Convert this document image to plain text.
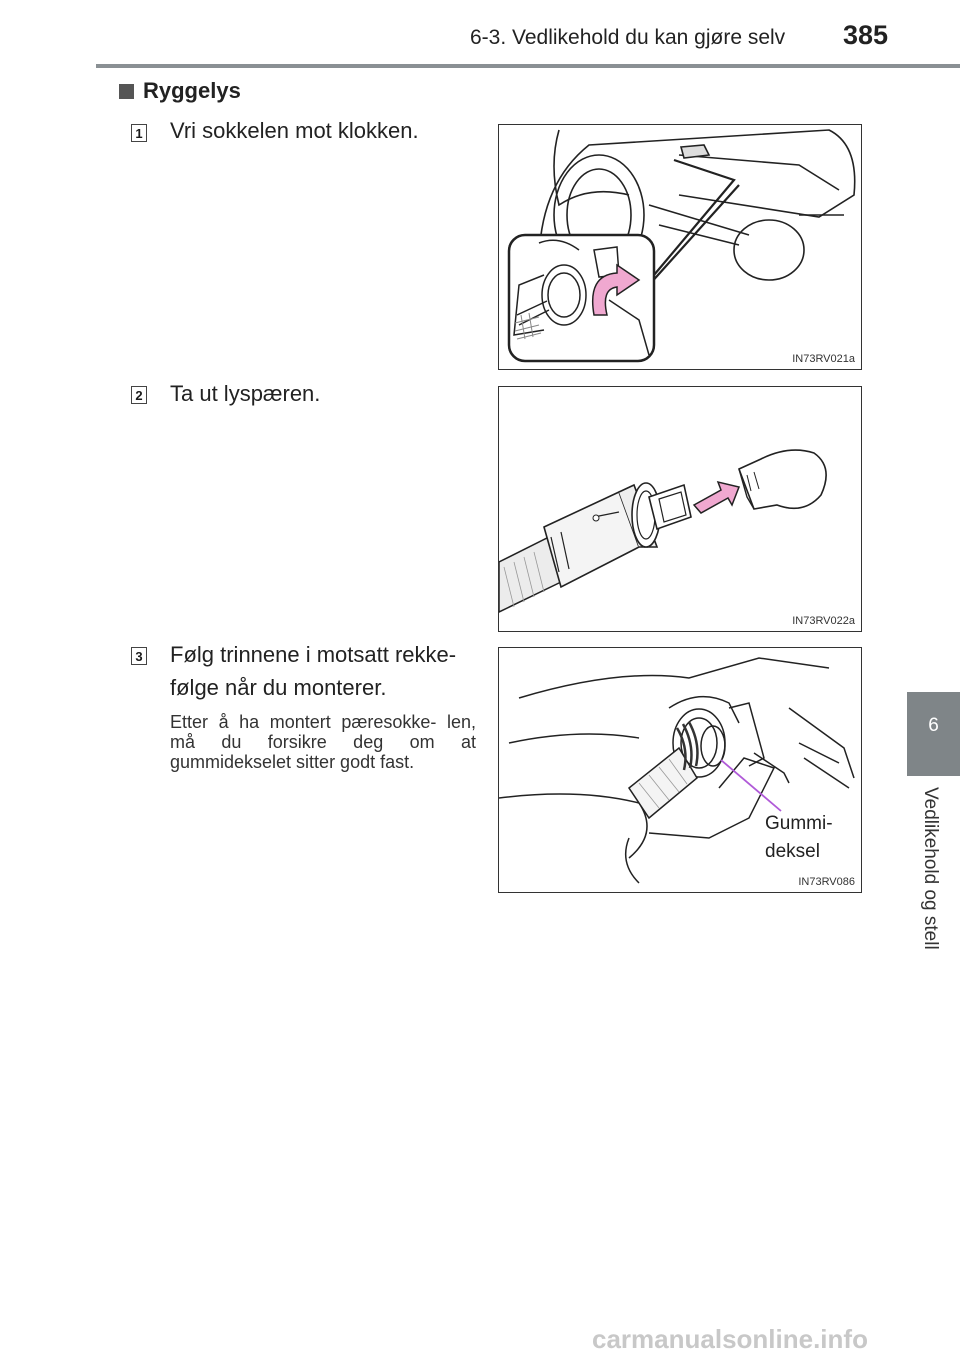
6-3. Vedlikehold du kan gjøre selv 385
6
Vedlikehold og stell
Ryggelys
1 Vri sokkelen mot klokken.
IN73RV021a
2 Ta ut lyspæren.
IN73RV022a
3 Følg trinnene i motsatt rekke-
følge når du monterer.
Etter å ha montert pæresokke- len, må du forsikre deg om at gummidekselet sitter godt fast.
Gummi-
deksel
IN73RV086
carmanualsonline.info
